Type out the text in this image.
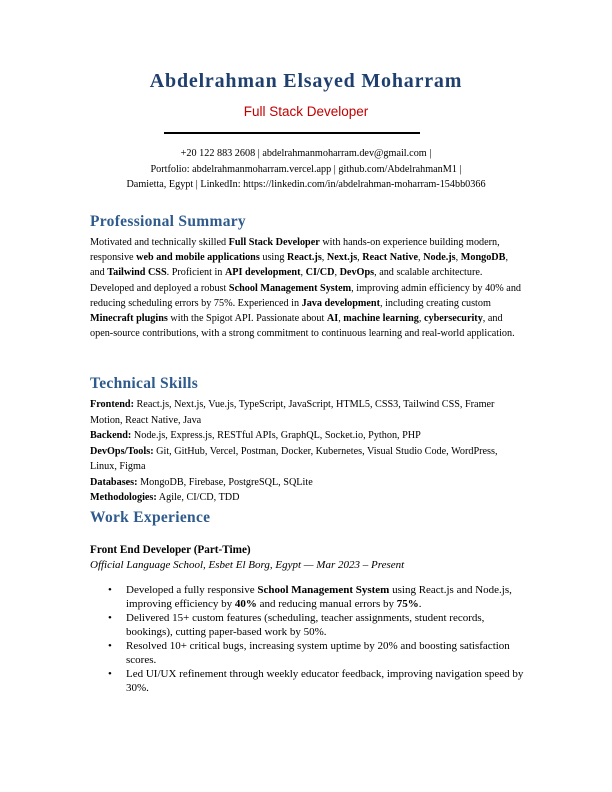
Abdelrahman Elsayed Moharram
Full Stack Developer
+20 122 883 2608 | abdelrahmanmoharram.dev@gmail.com |
Portfolio: abdelrahmanmoharram.vercel.app | github.com/AbdelrahmanM1 |
Damietta, Egypt | LinkedIn: https://linkedin.com/in/abdelrahman-moharram-154bb0366
Professional Summary
Motivated and technically skilled Full Stack Developer with hands-on experience building modern, responsive web and mobile applications using React.js, Next.js, React Native, Node.js, MongoDB, and Tailwind CSS. Proficient in API development, CI/CD, DevOps, and scalable architecture. Developed and deployed a robust School Management System, improving admin efficiency by 40% and reducing scheduling errors by 75%. Experienced in Java development, including creating custom Minecraft plugins with the Spigot API. Passionate about AI, machine learning, cybersecurity, and open-source contributions, with a strong commitment to continuous learning and real-world application.
Technical Skills
Frontend: React.js, Next.js, Vue.js, TypeScript, JavaScript, HTML5, CSS3, Tailwind CSS, Framer Motion, React Native, Java
Backend: Node.js, Express.js, RESTful APIs, GraphQL, Socket.io, Python, PHP
DevOps/Tools: Git, GitHub, Vercel, Postman, Docker, Kubernetes, Visual Studio Code, WordPress, Linux, Figma
Databases: MongoDB, Firebase, PostgreSQL, SQLite
Methodologies: Agile, CI/CD, TDD
Work Experience
Front End Developer (Part-Time)
Official Language School, Esbet El Borg, Egypt — Mar 2023 – Present
• Developed a fully responsive School Management System using React.js and Node.js, improving efficiency by 40% and reducing manual errors by 75%.
• Delivered 15+ custom features (scheduling, teacher assignments, student records, bookings), cutting paper-based work by 50%.
• Resolved 10+ critical bugs, increasing system uptime by 20% and boosting satisfaction scores.
• Led UI/UX refinement through weekly educator feedback, improving navigation speed by 30%.
